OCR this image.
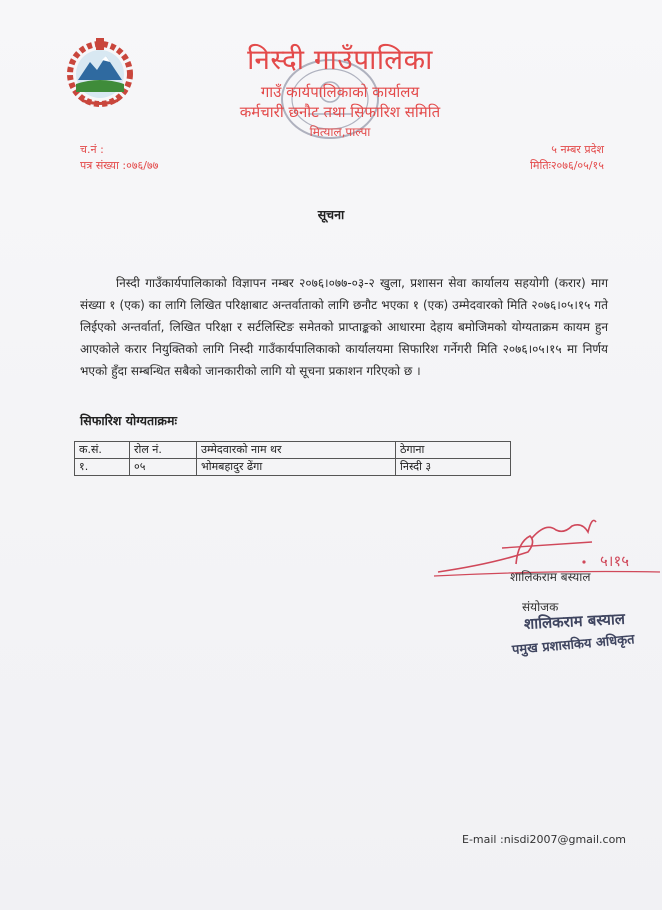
निस्दी गाउँपालिका
गाउँ कार्यपालिकाको कार्यालय
कर्मचारी छनौट तथा सिफारिश समिति
मित्याल,पाल्पा
च.नं :
पत्र संख्या :०७६/७७
५ नम्बर प्रदेश
मितिः२०७६/०५/१५
सूचना
निस्दी गाउँकार्यपालिकाको विज्ञापन नम्बर २०७६।०७७-०३-२ खुला, प्रशासन सेवा कार्यालय सहयोगी (करार) माग संख्या १ (एक) का लागि लिखित परिक्षाबाट अन्तर्वाताको लागि छनौट भएका १ (एक) उम्मेदवारको मिति २०७६।०५।१५ गते लिईएको अन्तर्वार्ता, लिखित परिक्षा र सर्टलिस्टिङ समेतको प्राप्ताङ्कको आधारमा देहाय बमोजिमको योग्यताक्रम कायम हुन आएकोले करार नियुक्तिको लागि निस्दी गाउँकार्यपालिकाको कार्यालयमा सिफारिश गर्नेगरी मिति २०७६।०५।१५ मा निर्णय भएको हुँदा सम्बन्धित सबैको जानकारीको लागि यो सूचना प्रकाशन गरिएको छ ।
सिफारिश योग्यताक्रमः
क.सं.	रोल नं.	उम्मेदवारको नाम थर	ठेगाना
१.	०५	भोमबहादुर ढेंगा	निस्दी ३
५।१५
शालिकराम बस्याल
संयोजक
शालिकराम बस्याल
पमुख प्रशासकिय अधिकृत
E-mail :nisdi2007@gmail.com
